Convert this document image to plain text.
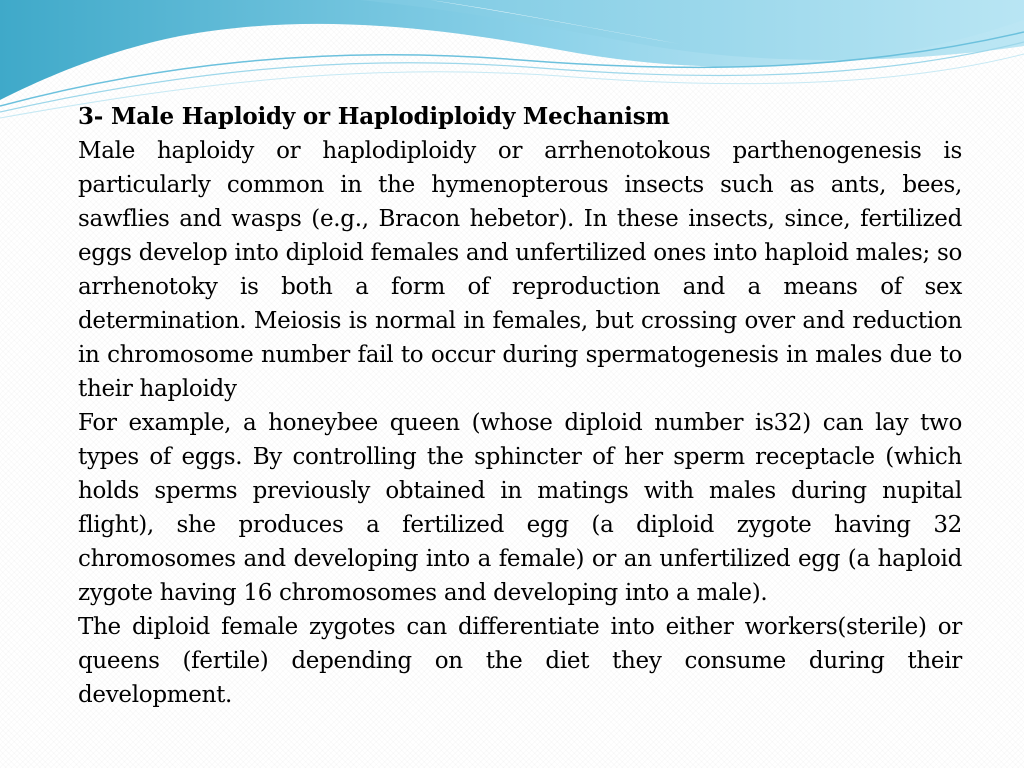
3- Male Haploidy or Haplodiploidy Mechanism

Male haploidy or haplodiploidy or arrhenotokous parthenogenesis is particularly common in the hymenopterous insects such as ants, bees, sawflies and wasps (e.g., Bracon hebetor). In these insects, since, fertilized eggs develop into diploid females and unfertilized ones into haploid males; so arrhenotoky is both a form of reproduction and a means of sex determination. Meiosis is normal in females, but crossing over and reduction in chromosome number fail to occur during spermatogenesis in males due to their haploidy

For example, a honeybee queen (whose diploid number is32) can lay two types of eggs. By controlling the sphincter of her sperm receptacle (which holds sperms previously obtained in matings with males during nupital flight), she produces a fertilized egg (a diploid zygote having 32 chromosomes and developing into a female) or an unfertilized egg (a haploid zygote having 16 chromosomes and developing into a male).

The diploid female zygotes can differentiate into either workers(sterile) or queens (fertile) depending on the diet they consume during their development.
